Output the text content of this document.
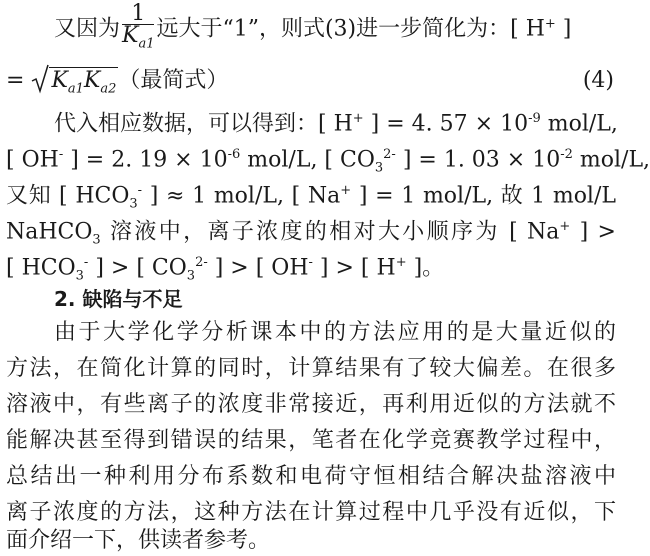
又因为 $\frac{1}{K_{a1}}$ 远大于“1”，则式(3)进一步简化为：[ H+ ]
= $K_{a1}K_{a2}$（最简式）	(4)
代入相应数据，可以得到：[ H+ ] = 4. $57 \times 10^{-9}$ mol/L,
[ OH- ] = 2. $19 \times 10^{-6}$ mol/L, [ $CO_3^{2-}$ ] = 1. $03 \times 10^{-2}$ mol/L,
又知 [ $HCO_3^-$ ] ≈ 1 mol/L, [ Na+ ] = 1 mol/L, 故 1 mol/L
NaHCO$_3$ 溶液中，离子浓度的相对大小顺序为 [ Na+ ] >
[ $HCO_3^-$ ] > [ $CO_3^{2-}$ ] > [ OH- ] > [ H+ ]。
2. 缺陷与不足
由于大学化学分析课本中的方法应用的是大量近似的
方法，在简化计算的同时，计算结果有了较大偏差。在很多
溶液中，有些离子的浓度非常接近，再利用近似的方法就不
能解决甚至得到错误的结果，笔者在化学竞赛教学过程中，
总结出一种利用分布系数和电荷守恒相结合解决盐溶液中
离子浓度的方法，这种方法在计算过程中几乎没有近似，下
面介绍一下，供读者参考。
